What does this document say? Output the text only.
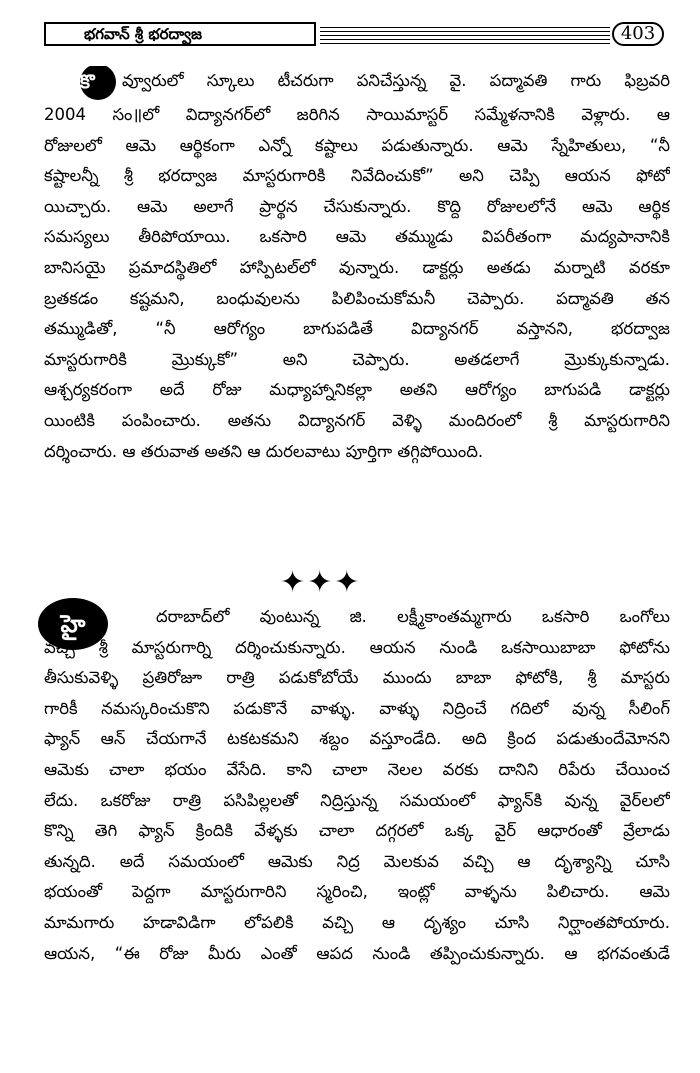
భగవాన్ శ్రీ భరద్వాజ	403

కొ	వ్వూరులో స్కూలు టీచరుగా పనిచేస్తున్న వై. పద్మావతి గారు ఫిబ్రవరి

2004 సం॥లో విద్యానగర్‌లో జరిగిన సాయిమాస్టర్ సమ్మేళనానికి వెళ్లారు. ఆ

రోజులలో ఆమె ఆర్థికంగా ఎన్నో కష్టాలు పడుతున్నారు. ఆమె స్నేహితులు, “నీ

కష్టాలన్నీ శ్రీ భరద్వాజ మాస్టరుగారికి నివేదించుకో” అని చెప్పి ఆయన ఫోటో

యిచ్చారు. ఆమె అలాగే ప్రార్థన చేసుకున్నారు. కొద్ది రోజులలోనే ఆమె ఆర్థిక

సమస్యలు తీరిపోయాయి. ఒకసారి ఆమె తమ్ముడు విపరీతంగా మద్యపానానికి

బానిసయై ప్రమాదస్థితిలో హాస్పిటల్‌లో వున్నారు. డాక్టర్లు అతడు మర్నాటి వరకూ

బ్రతకడం కష్టమని, బంధువులను పిలిపించుకోమనీ చెప్పారు. పద్మావతి తన

తమ్ముడితో, “నీ ఆరోగ్యం బాగుపడితే విద్యానగర్ వస్తానని, భరద్వాజ

మాస్టరుగారికి మ్రొక్కుకో” అని చెప్పారు. అతడలాగే మ్రొక్కుకున్నాడు.

ఆశ్చర్యకరంగా అదే రోజు మధ్యాహ్నానికల్లా అతని ఆరోగ్యం బాగుపడి డాక్టర్లు

యింటికి పంపించారు. అతను విద్యానగర్ వెళ్ళి మందిరంలో శ్రీ మాస్టరుగారిని

దర్శించారు. ఆ తరువాత అతని ఆ దురలవాటు పూర్తిగా తగ్గిపోయింది.

✦✦✦
హై	దరాబాద్‌లో వుంటున్న జి. లక్ష్మీకాంతమ్మగారు ఒకసారి ఒంగోలు

వచ్చి శ్రీ మాస్టరుగార్ని దర్శించుకున్నారు. ఆయన నుండి ఒకసాయిబాబా ఫోటోను

తీసుకువెళ్ళి ప్రతిరోజూ రాత్రి పడుకోబోయే ముందు బాబా ఫోటోకి, శ్రీ మాస్టరు

గారికీ నమస్కరించుకొని పడుకొనే వాళ్ళు. వాళ్ళు నిద్రించే గదిలో వున్న సీలింగ్

ఫ్యాన్ ఆన్ చేయగానే టకటకమని శబ్దం వస్తూండేది. అది క్రింద పడుతుందేమోనని

ఆమెకు చాలా భయం వేసేది. కాని చాలా నెలల వరకు దానిని రిపేరు చేయించ

లేదు. ఒకరోజు రాత్రి పసిపిల్లలతో నిద్రిస్తున్న సమయంలో ఫ్యాన్‌కి వున్న వైర్‌లలో

కొన్ని తెగి ఫ్యాన్ క్రిందికి వేళ్ళకు చాలా దగ్గరలో ఒక్క వైర్ ఆధారంతో వ్రేలాడు

తున్నది. అదే సమయంలో ఆమెకు నిద్ర మెలకువ వచ్చి ఆ దృశ్యాన్ని చూసి

భయంతో పెద్దగా మాస్టరుగారిని స్మరించి, ఇంట్లో వాళ్ళను పిలిచారు. ఆమె

మామగారు హడావిడిగా లోపలికి వచ్చి ఆ దృశ్యం చూసి నిర్ఘాంతపోయారు.

ఆయన, “ఈ రోజు మీరు ఎంతో ఆపద నుండి తప్పించుకున్నారు. ఆ భగవంతుడే
